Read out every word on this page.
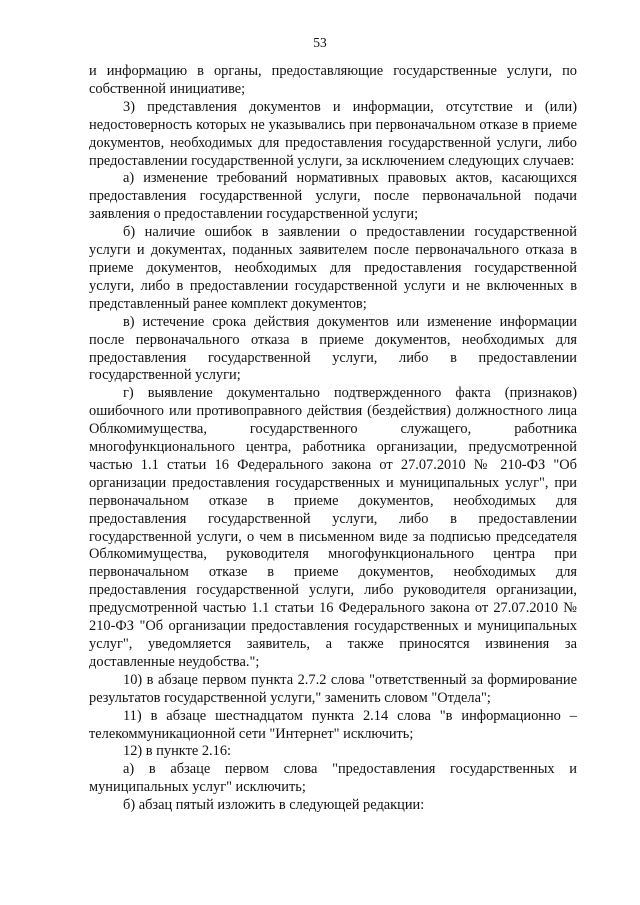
53

и информацию в органы, предоставляющие государственные услуги, по собственной инициативе;

3) представления документов и информации, отсутствие и (или) недостоверность которых не указывались при первоначальном отказе в приеме документов, необходимых для предоставления государственной услуги, либо предоставлении государственной услуги, за исключением следующих случаев:

а) изменение требований нормативных правовых актов, касающихся предоставления государственной услуги, после первоначальной подачи заявления о предоставлении государственной услуги;

б) наличие ошибок в заявлении о предоставлении государственной услуги и документах, поданных заявителем после первоначального отказа в приеме документов, необходимых для предоставления государственной услуги, либо в предоставлении государственной услуги и не включенных в представленный ранее комплект документов;

в) истечение срока действия документов или изменение информации после первоначального отказа в приеме документов, необходимых для предоставления государственной услуги, либо в предоставлении государственной услуги;

г) выявление документально подтвержденного факта (признаков) ошибочного или противоправного действия (бездействия) должностного лица Облкомимущества, государственного служащего, работника многофункционального центра, работника организации, предусмотренной частью 1.1 статьи 16 Федерального закона от 27.07.2010 № 210-ФЗ "Об организации предоставления государственных и муниципальных услуг", при первоначальном отказе в приеме документов, необходимых для предоставления государственной услуги, либо в предоставлении государственной услуги, о чем в письменном виде за подписью председателя Облкомимущества, руководителя многофункционального центра при первоначальном отказе в приеме документов, необходимых для предоставления государственной услуги, либо руководителя организации, предусмотренной частью 1.1 статьи 16 Федерального закона от 27.07.2010 № 210-ФЗ "Об организации предоставления государственных и муниципальных услуг", уведомляется заявитель, а также приносятся извинения за доставленные неудобства.";

10) в абзаце первом пункта 2.7.2 слова "ответственный за формирование результатов государственной услуги," заменить словом "Отдела";

11) в абзаце шестнадцатом пункта 2.14 слова "в информационно – телекоммуникационной сети "Интернет" исключить;

12) в пункте 2.16:

а) в абзаце первом слова "предоставления государственных и муниципальных услуг" исключить;

б) абзац пятый изложить в следующей редакции:
